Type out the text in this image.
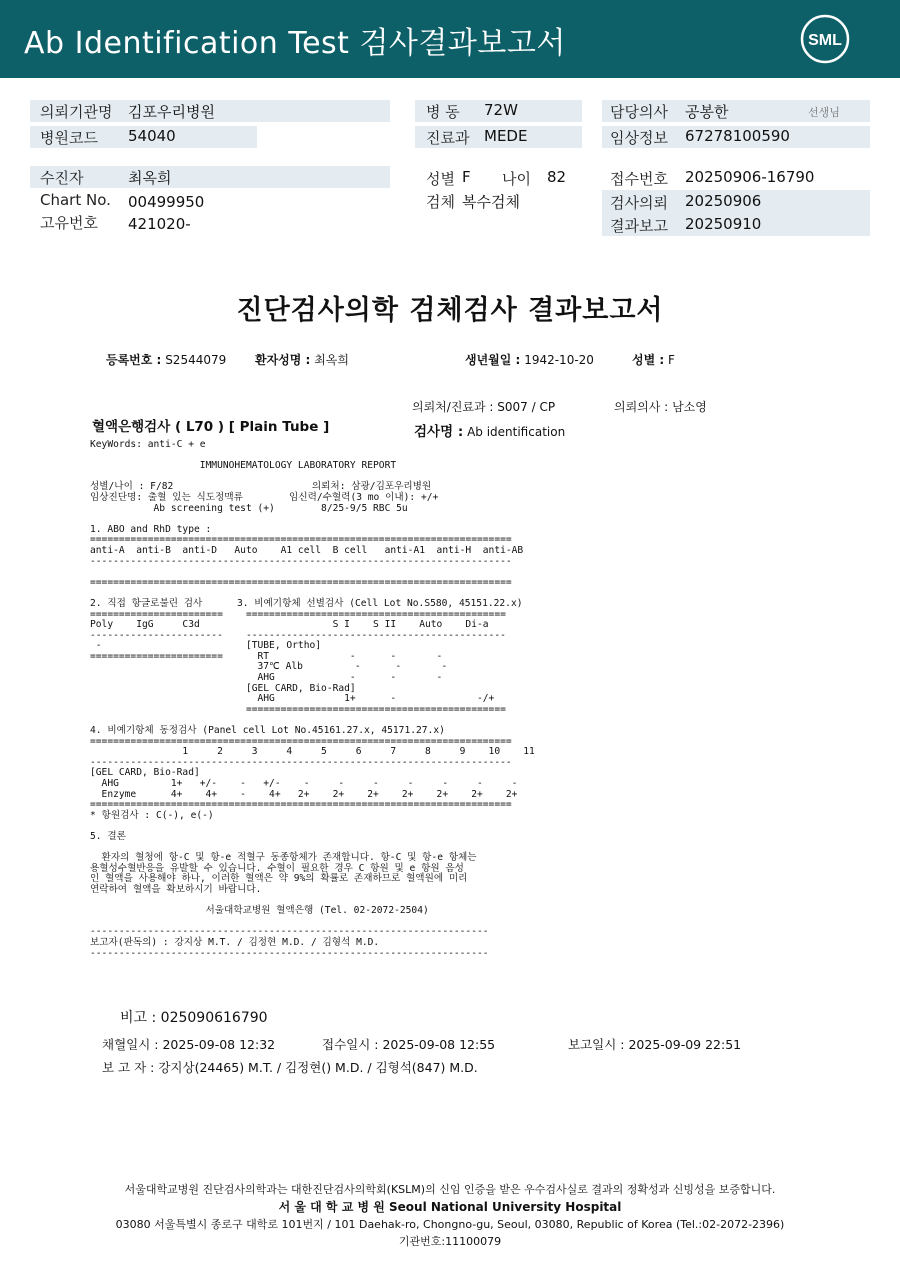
Ab Identification Test 검사결과보고서	SML
의뢰기관명 김포우리병원
병원코드 54040
병 동 72W
진료과 MEDE
담당의사 공봉한	선생님
임상정보 67278100590
수진자	최옥희
Chart No. 00499950
고유번호 421020-
성별 F 나이 82
검체 복수검체
접수번호 20250906-16790
검사의뢰 20250906
결과보고 20250910
진단검사의학 검체검사 결과보고서
등록번호 : S2544079 환자성명 : 최옥희	생년월일 : 1942-10-20	성별 : F
의뢰처/진료과 : S007 / CP	의뢰의사 : 남소영
혈액은행검사 ( L70 ) [ Plain Tube ]	검사명 : Ab identification
KeyWords: anti-C + e

IMMUNOHEMATOLOGY LABORATORY REPORT

성별/나이 : F/82                        의뢰처: 삼광/김포우리병원
임상진단명: 출혈 있는 식도정맥류        임신력/수혈력(3 mo 이내): +/+
Ab screening test (+)        8/25-9/5 RBC 5u

1. ABO and RhD type :
=========================================================================
anti-A  anti-B  anti-D   Auto    A1 cell  B cell   anti-A1  anti-H  anti-AB
-------------------------------------------------------------------------

=========================================================================

2. 직접 항글로불린 검사      3. 비예기항체 선별검사 (Cell Lot No.S580, 45151.22.x)
=======================    =============================================
Poly    IgG     C3d                       S I    S II    Auto    Di-a
-----------------------    ---------------------------------------------
-                         [TUBE, Ortho]
=======================      RT              -      -       -
37℃ Alb         -      -       -
AHG             -      -       -
[GEL CARD, Bio-Rad]
AHG            1+      -              -/+
=============================================

4. 비예기항체 동정검사 (Panel cell Lot No.45161.27.x, 45171.27.x)
=========================================================================
1     2     3     4     5     6     7     8     9    10    11
-------------------------------------------------------------------------
[GEL CARD, Bio-Rad]
AHG         1+   +/-    -   +/-    -     -     -     -     -     -     -
Enzyme      4+    4+    -    4+   2+    2+    2+    2+    2+    2+    2+
=========================================================================
* 항원검사 : C(-), e(-)

5. 결론

환자의 혈청에 항-C 및 항-e 적혈구 동종항체가 존재합니다. 항-C 및 항-e 항체는
용혈성수혈반응을 유발할 수 있습니다. 수혈이 필요한 경우 C 항원 및 e 항원 음성
인 혈액을 사용해야 하나, 이러한 혈액은 약 9%의 확률로 존재하므로 혈액원에 미리
연락하여 혈액을 확보하시기 바랍니다.

서울대학교병원 혈액은행 (Tel. 02-2072-2504)

---------------------------------------------------------------------
보고자(판독의) : 강지상 M.T. / 김정현 M.D. / 김형석 M.D.
---------------------------------------------------------------------
비고 : 025090616790
채혈일시 : 2025-09-08 12:32	접수일시 : 2025-09-08 12:55	보고일시 : 2025-09-09 22:51
보 고 자 : 강지상(24465) M.T. / 김정현() M.D. / 김형석(847) M.D.
서울대학교병원 진단검사의학과는 대한진단검사의학회(KSLM)의 신임 인증을 받은 우수검사실로 결과의 정확성과 신빙성을 보증합니다.
서 울 대 학 교 병 원 Seoul National University Hospital
03080 서울특별시 종로구 대학로 101번지 / 101 Daehak-ro, Chongno-gu, Seoul, 03080, Republic of Korea (Tel.:02-2072-2396)
기관번호:11100079
